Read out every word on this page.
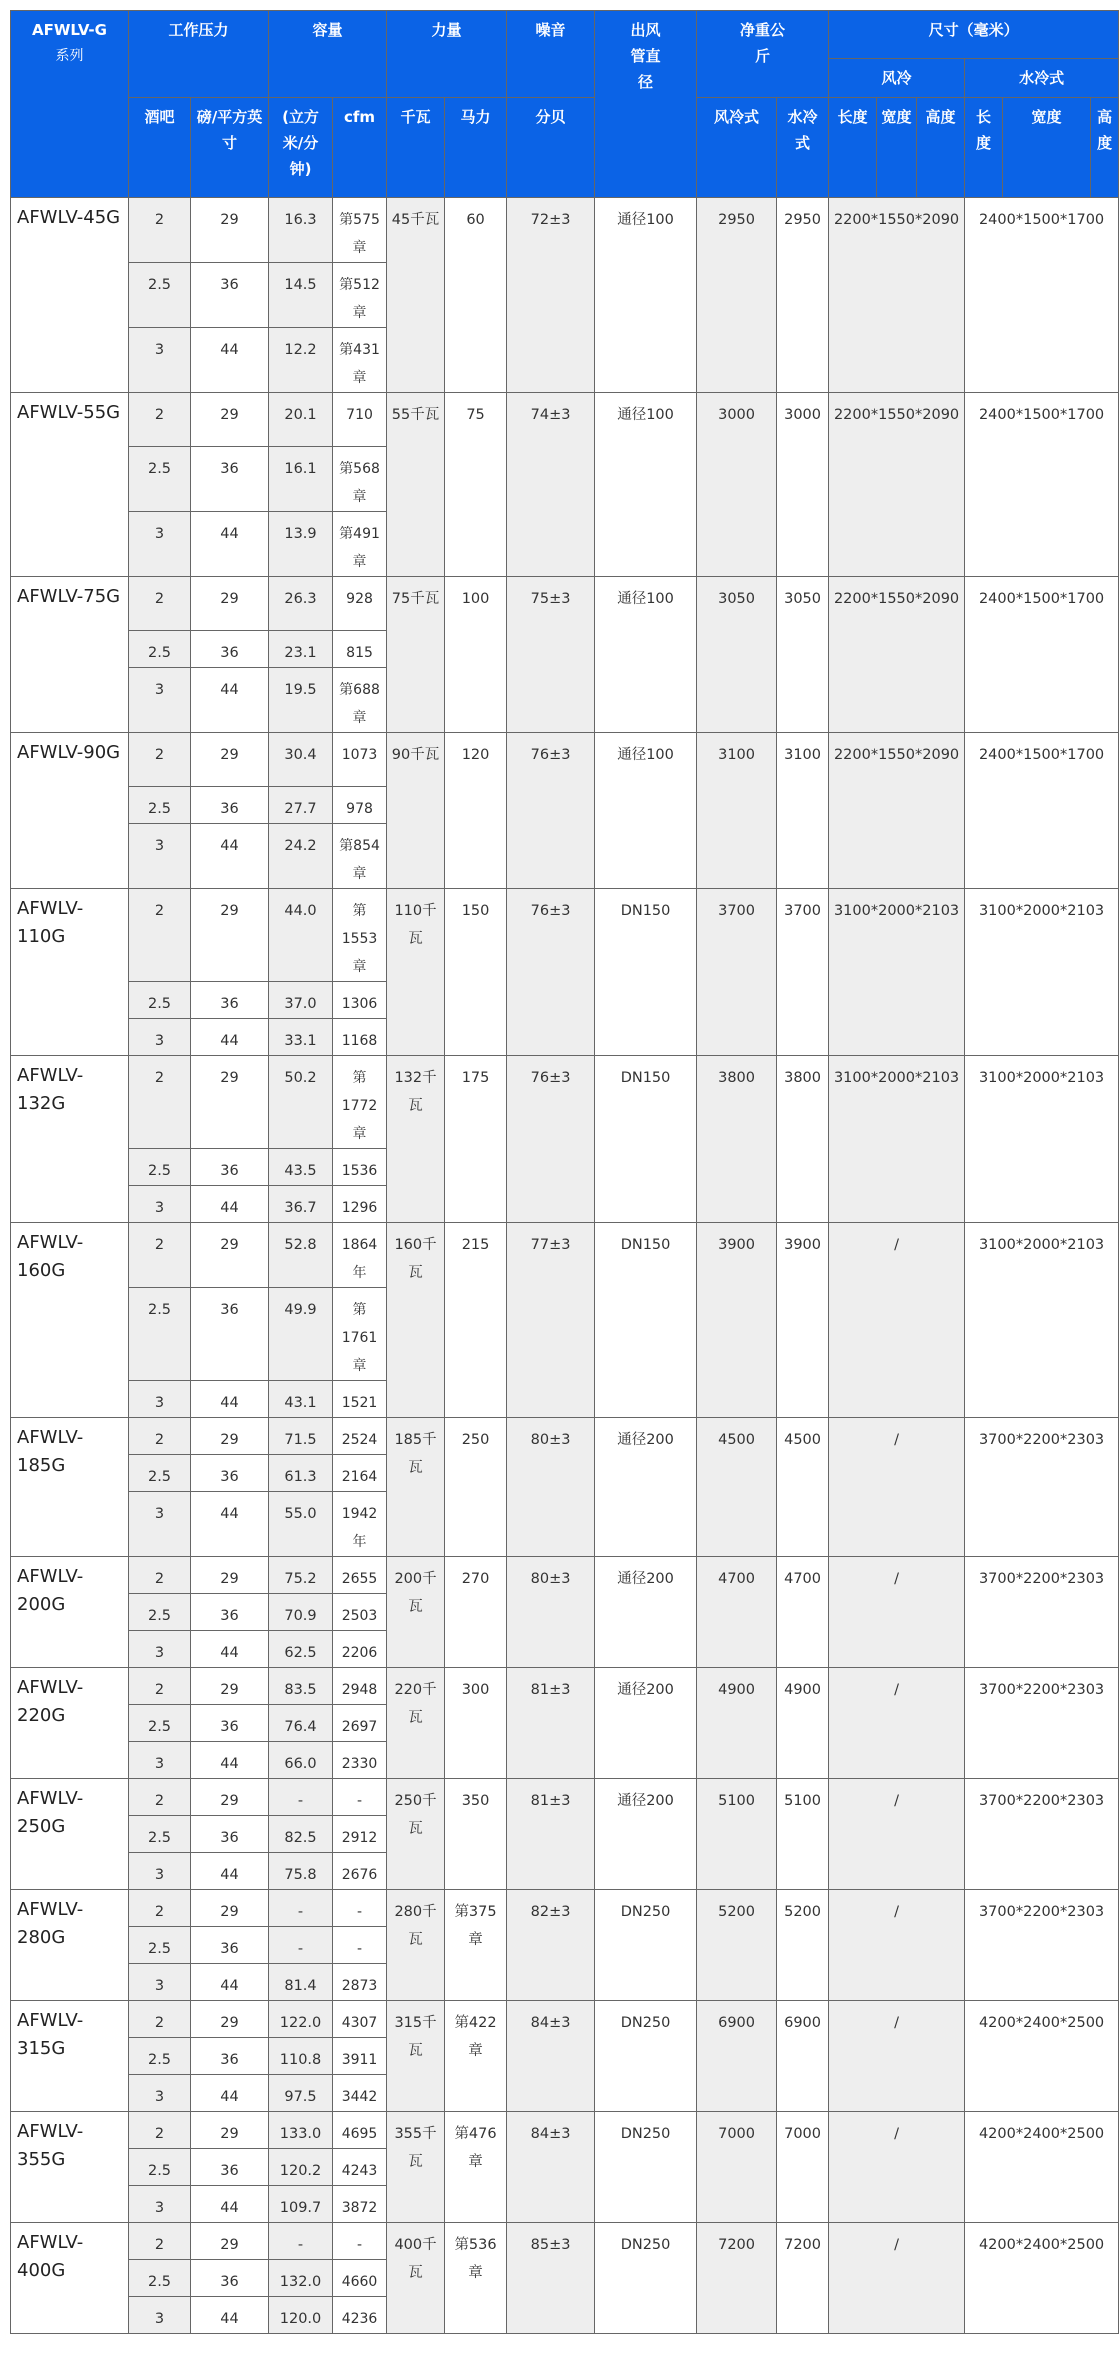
AFWLV-G
系列	工作压力		容量		力量		噪音	出风管直径	净重公斤		尺寸（毫米）					
											风冷			水冷式		
	酒吧	磅/平方英寸	(立方米/分钟)	cfm	千瓦	马力	分贝		风冷式	水冷式	长度	宽度	高度	长度	宽度	高度
AFWLV-45G	2	29	16.3	第575章	45千瓦	60	72±3	通径100	2950	2950	2200*1550*2090			2400*1500*1700		
	2.5	36	14.5	第512章												
	3	44	12.2	第431章												
AFWLV-55G	2	29	20.1	710	55千瓦	75	74±3	通径100	3000	3000	2200*1550*2090			2400*1500*1700		
	2.5	36	16.1	第568章												
	3	44	13.9	第491章												
AFWLV-75G	2	29	26.3	928	75千瓦	100	75±3	通径100	3050	3050	2200*1550*2090			2400*1500*1700		
	2.5	36	23.1	815												
	3	44	19.5	第688章												
AFWLV-90G	2	29	30.4	1073	90千瓦	120	76±3	通径100	3100	3100	2200*1550*2090			2400*1500*1700		
	2.5	36	27.7	978												
	3	44	24.2	第854章												
AFWLV-110G	2	29	44.0	第1553章	110千瓦	150	76±3	DN150	3700	3700	3100*2000*2103			3100*2000*2103		
	2.5	36	37.0	1306												
	3	44	33.1	1168												
AFWLV-132G	2	29	50.2	第1772章	132千瓦	175	76±3	DN150	3800	3800	3100*2000*2103			3100*2000*2103		
	2.5	36	43.5	1536												
	3	44	36.7	1296												
AFWLV-160G	2	29	52.8	1864年	160千瓦	215	77±3	DN150	3900	3900	/			3100*2000*2103		
	2.5	36	49.9	第1761章												
	3	44	43.1	1521												
AFWLV-185G	2	29	71.5	2524	185千瓦	250	80±3	通径200	4500	4500	/			3700*2200*2303		
	2.5	36	61.3	2164												
	3	44	55.0	1942年												
AFWLV-200G	2	29	75.2	2655	200千瓦	270	80±3	通径200	4700	4700	/			3700*2200*2303		
	2.5	36	70.9	2503												
	3	44	62.5	2206												
AFWLV-220G	2	29	83.5	2948	220千瓦	300	81±3	通径200	4900	4900	/			3700*2200*2303		
	2.5	36	76.4	2697												
	3	44	66.0	2330												
AFWLV-250G	2	29	-	-	250千瓦	350	81±3	通径200	5100	5100	/			3700*2200*2303		
	2.5	36	82.5	2912												
	3	44	75.8	2676												
AFWLV-280G	2	29	-	-	280千瓦	第375章	82±3	DN250	5200	5200	/			3700*2200*2303		
	2.5	36	-	-												
	3	44	81.4	2873												
AFWLV-315G	2	29	122.0	4307	315千瓦	第422章	84±3	DN250	6900	6900	/			4200*2400*2500		
	2.5	36	110.8	3911												
	3	44	97.5	3442												
AFWLV-355G	2	29	133.0	4695	355千瓦	第476章	84±3	DN250	7000	7000	/			4200*2400*2500		
	2.5	36	120.2	4243												
	3	44	109.7	3872												
AFWLV-400G	2	29	-	-	400千瓦	第536章	85±3	DN250	7200	7200	/			4200*2400*2500		
	2.5	36	132.0	4660												
	3	44	120.0	4236												
